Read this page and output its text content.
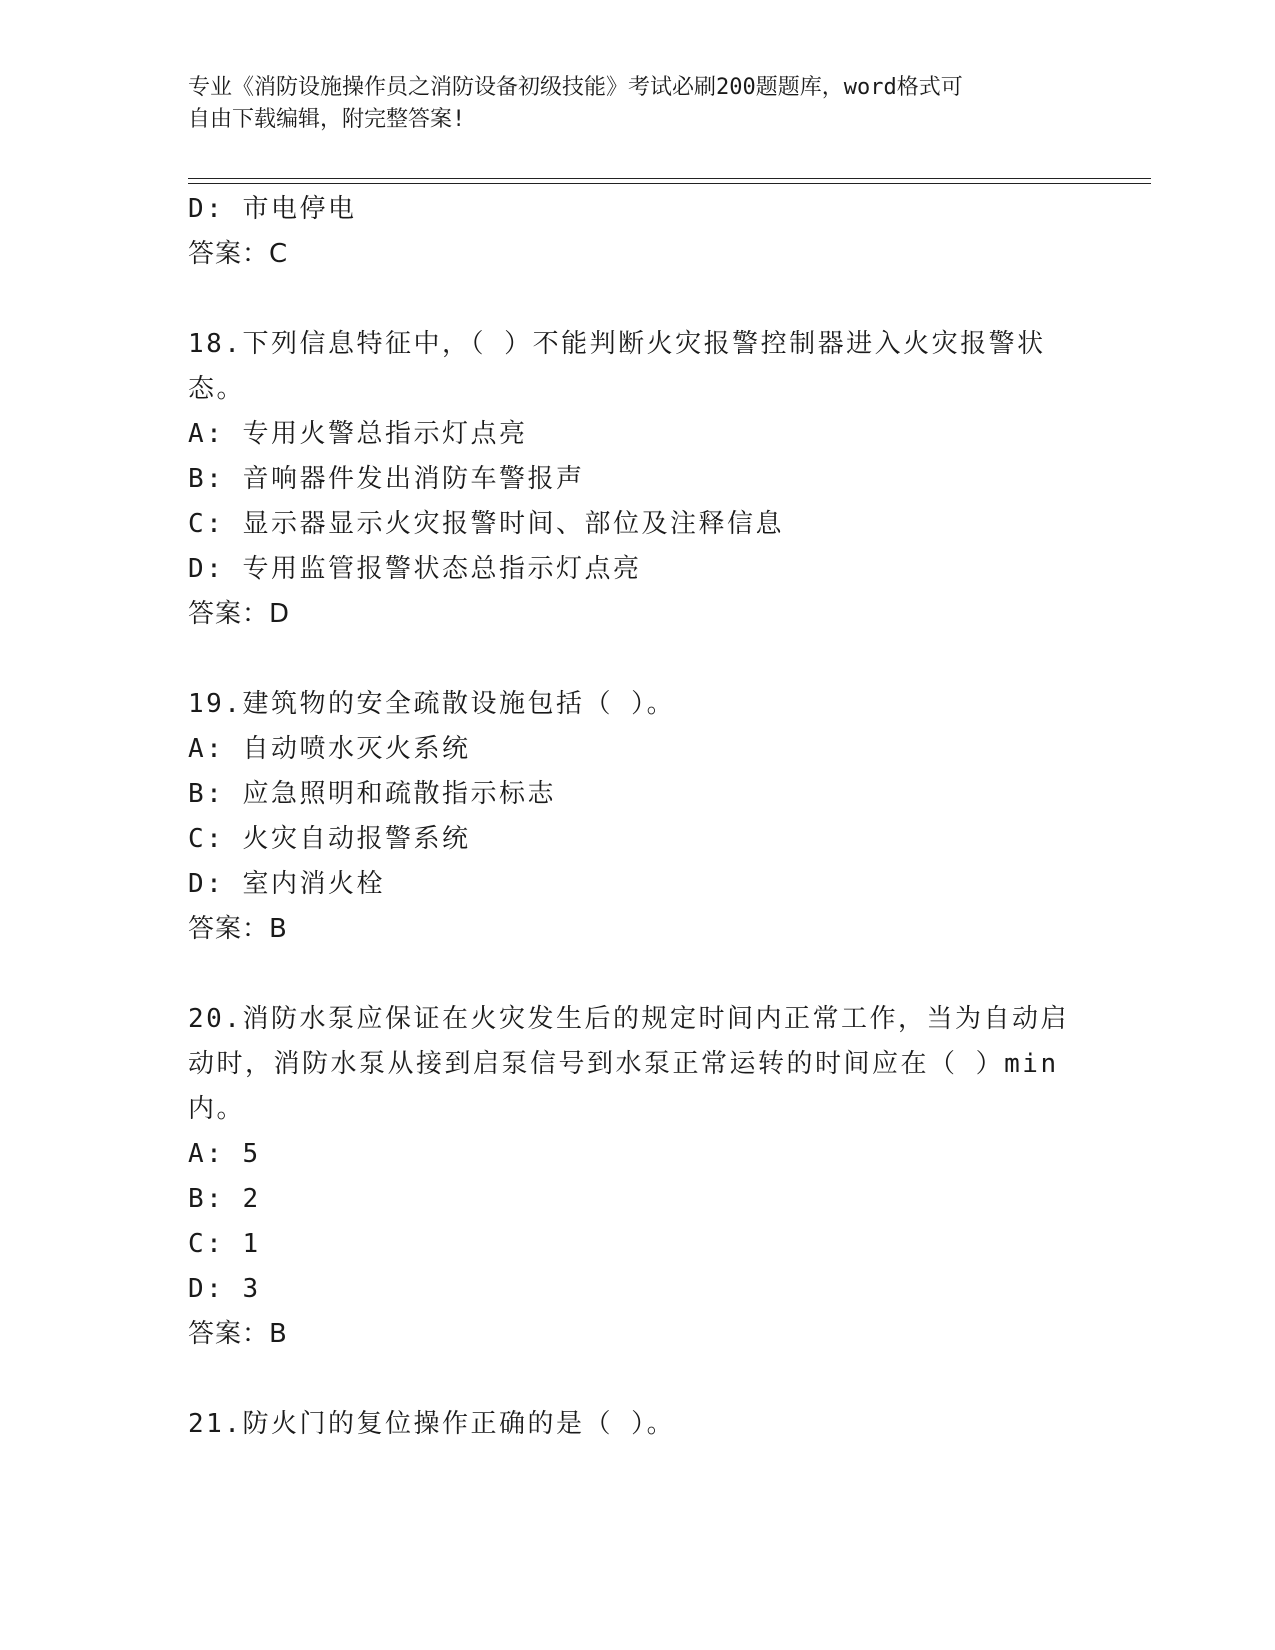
专业《消防设施操作员之消防设备初级技能》考试必刷200题题库，word格式可
自由下载编辑，附完整答案!
D: 市电停电
答案：C
18.下列信息特征中，（ ）不能判断火灾报警控制器进入火灾报警状
态。
A: 专用火警总指示灯点亮
B: 音响器件发出消防车警报声
C: 显示器显示火灾报警时间、部位及注释信息
D: 专用监管报警状态总指示灯点亮
答案：D
19.建筑物的安全疏散设施包括（ ）。
A: 自动喷水灭火系统
B: 应急照明和疏散指示标志
C: 火灾自动报警系统
D: 室内消火栓
答案：B
20.消防水泵应保证在火灾发生后的规定时间内正常工作，当为自动启
动时，消防水泵从接到启泵信号到水泵正常运转的时间应在（ ）min
内。
A: 5
B: 2
C: 1
D: 3
答案：B
21.防火门的复位操作正确的是（ ）。
